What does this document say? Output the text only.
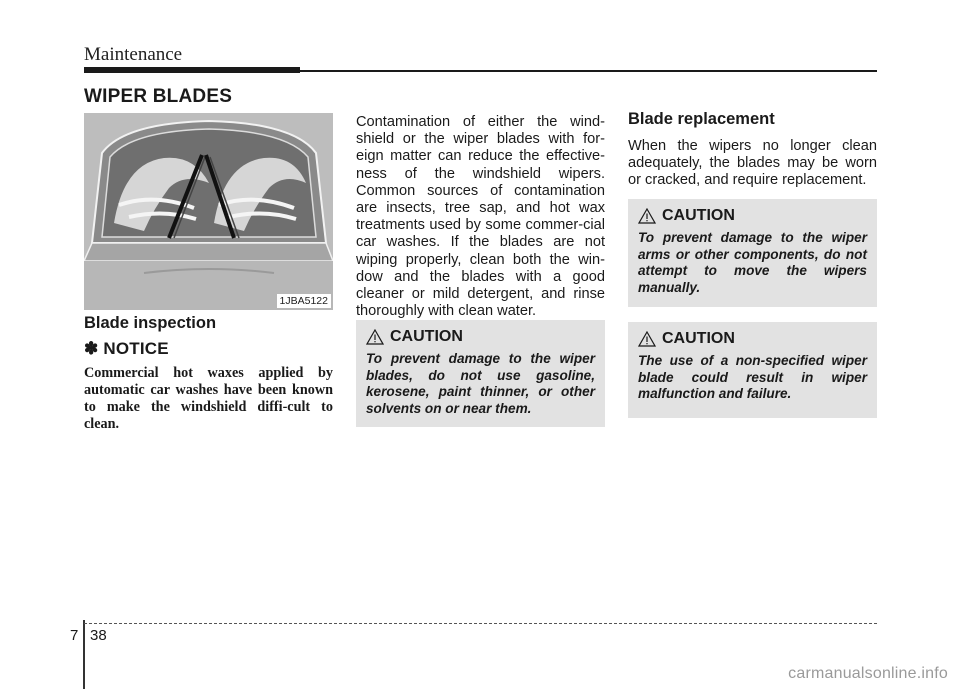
Maintenance
WIPER BLADES
1JBA5122

Blade inspection

✽ NOTICE

Commercial hot waxes applied by automatic car washes have been known to make the windshield diffi-cult to clean.

Contamination of either the wind-shield or the wiper blades with for-eign matter can reduce the effective-ness of the windshield wipers. Common sources of contamination are insects, tree sap, and hot wax treatments used by some commer-cial car washes. If the blades are not wiping properly, clean both the win-dow and the blades with a good cleaner or mild detergent, and rinse thoroughly with clean water.

CAUTION

To prevent damage to the wiper blades, do not use gasoline, kerosene, paint thinner, or other solvents on or near them.

Blade replacement

When the wipers no longer clean adequately, the blades may be worn or cracked, and require replacement.

CAUTION

To prevent damage to the wiper arms or other components, do not attempt to move the wipers manually.

CAUTION

The use of a non-specified wiper blade could result in wiper malfunction and failure.

7 38
carmanualsonline.info
